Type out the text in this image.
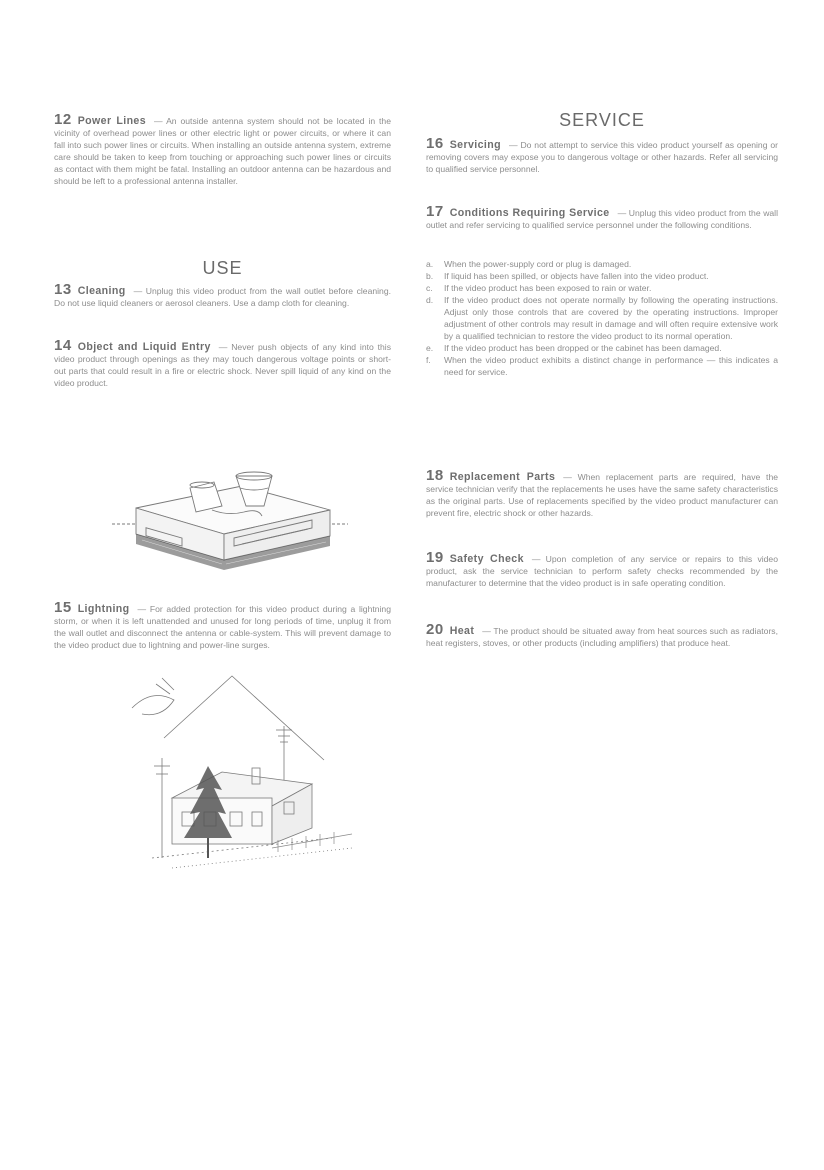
12 Power Lines — An outside antenna system should not be located in the vicinity of overhead power lines or other electric light or power circuits, or where it can fall into such power lines or circuits. When installing an outside antenna system, extreme care should be taken to keep from touching or approaching such power lines or circuits as contact with them might be fatal. Installing an outdoor antenna can be hazardous and should be left to a professional antenna installer.
USE
13 Cleaning — Unplug this video product from the wall outlet before cleaning. Do not use liquid cleaners or aerosol cleaners. Use a damp cloth for cleaning.
14 Object and Liquid Entry — Never push objects of any kind into this video product through openings as they may touch dangerous voltage points or short-out parts that could result in a fire or electric shock. Never spill liquid of any kind on the video product.
15 Lightning — For added protection for this video product during a lightning storm, or when it is left unattended and unused for long periods of time, unplug it from the wall outlet and disconnect the antenna or cable-system. This will prevent damage to the video product due to lightning and power-line surges.
SERVICE
16 Servicing — Do not attempt to service this video product yourself as opening or removing covers may expose you to dangerous voltage or other hazards. Refer all servicing to qualified service personnel.
17 Conditions Requiring Service — Unplug this video product from the wall outlet and refer servicing to qualified service personnel under the following conditions.
a.	When the power-supply cord or plug is damaged.
b.	If liquid has been spilled, or objects have fallen into the video product.
c.	If the video product has been exposed to rain or water.
d.	If the video product does not operate normally by following the operating instructions. Adjust only those controls that are covered by the operating instructions. Improper adjustment of other controls may result in damage and will often require extensive work by a qualified technician to restore the video product to its normal operation.
e.	If the video product has been dropped or the cabinet has been damaged.
f.	When the video product exhibits a distinct change in performance — this indicates a need for service.
18 Replacement Parts — When replacement parts are required, have the service technician verify that the replacements he uses have the same safety characteristics as the original parts. Use of replacements specified by the video product manufacturer can prevent fire, electric shock or other hazards.
19 Safety Check — Upon completion of any service or repairs to this video product, ask the service technician to perform safety checks recommended by the manufacturer to determine that the video product is in safe operating condition.
20 Heat — The product should be situated away from heat sources such as radiators, heat registers, stoves, or other products (including amplifiers) that produce heat.
